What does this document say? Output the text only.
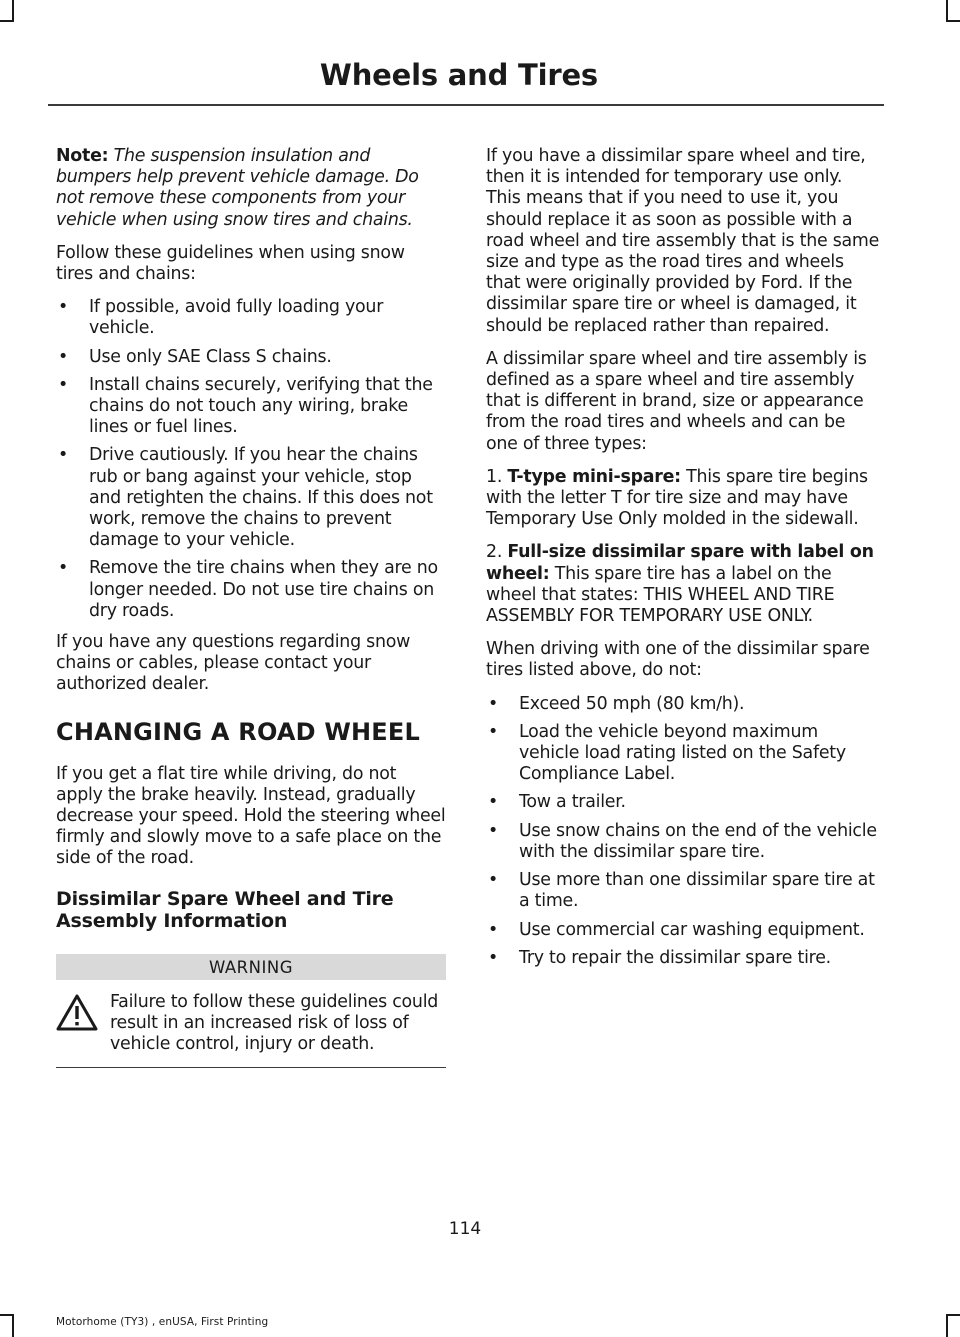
Wheels and Tires

Note: The suspension insulation and bumpers help prevent vehicle damage. Do not remove these components from your vehicle when using snow tires and chains.

Follow these guidelines when using snow tires and chains:

• If possible, avoid fully loading your vehicle.
• Use only SAE Class S chains.
• Install chains securely, verifying that the chains do not touch any wiring, brake lines or fuel lines.
• Drive cautiously. If you hear the chains rub or bang against your vehicle, stop and retighten the chains. If this does not work, remove the chains to prevent damage to your vehicle.
• Remove the tire chains when they are no longer needed. Do not use tire chains on dry roads.

If you have any questions regarding snow chains or cables, please contact your authorized dealer.

CHANGING A ROAD WHEEL

If you get a flat tire while driving, do not apply the brake heavily. Instead, gradually decrease your speed. Hold the steering wheel firmly and slowly move to a safe place on the side of the road.

Dissimilar Spare Wheel and Tire Assembly Information
WARNING

Failure to follow these guidelines could result in an increased risk of loss of vehicle control, injury or death.

If you have a dissimilar spare wheel and tire, then it is intended for temporary use only. This means that if you need to use it, you should replace it as soon as possible with a road wheel and tire assembly that is the same size and type as the road tires and wheels that were originally provided by Ford. If the dissimilar spare tire or wheel is damaged, it should be replaced rather than repaired.

A dissimilar spare wheel and tire assembly is defined as a spare wheel and tire assembly that is different in brand, size or appearance from the road tires and wheels and can be one of three types:

1. T-type mini-spare: This spare tire begins with the letter T for tire size and may have Temporary Use Only molded in the sidewall.

2. Full-size dissimilar spare with label on wheel: This spare tire has a label on the wheel that states: THIS WHEEL AND TIRE ASSEMBLY FOR TEMPORARY USE ONLY.

When driving with one of the dissimilar spare tires listed above, do not:

• Exceed 50 mph (80 km/h).
• Load the vehicle beyond maximum vehicle load rating listed on the Safety Compliance Label.
• Tow a trailer.
• Use snow chains on the end of the vehicle with the dissimilar spare tire.
• Use more than one dissimilar spare tire at a time.
• Use commercial car washing equipment.
• Try to repair the dissimilar spare tire.
114
Motorhome (TY3) , enUSA, First Printing
